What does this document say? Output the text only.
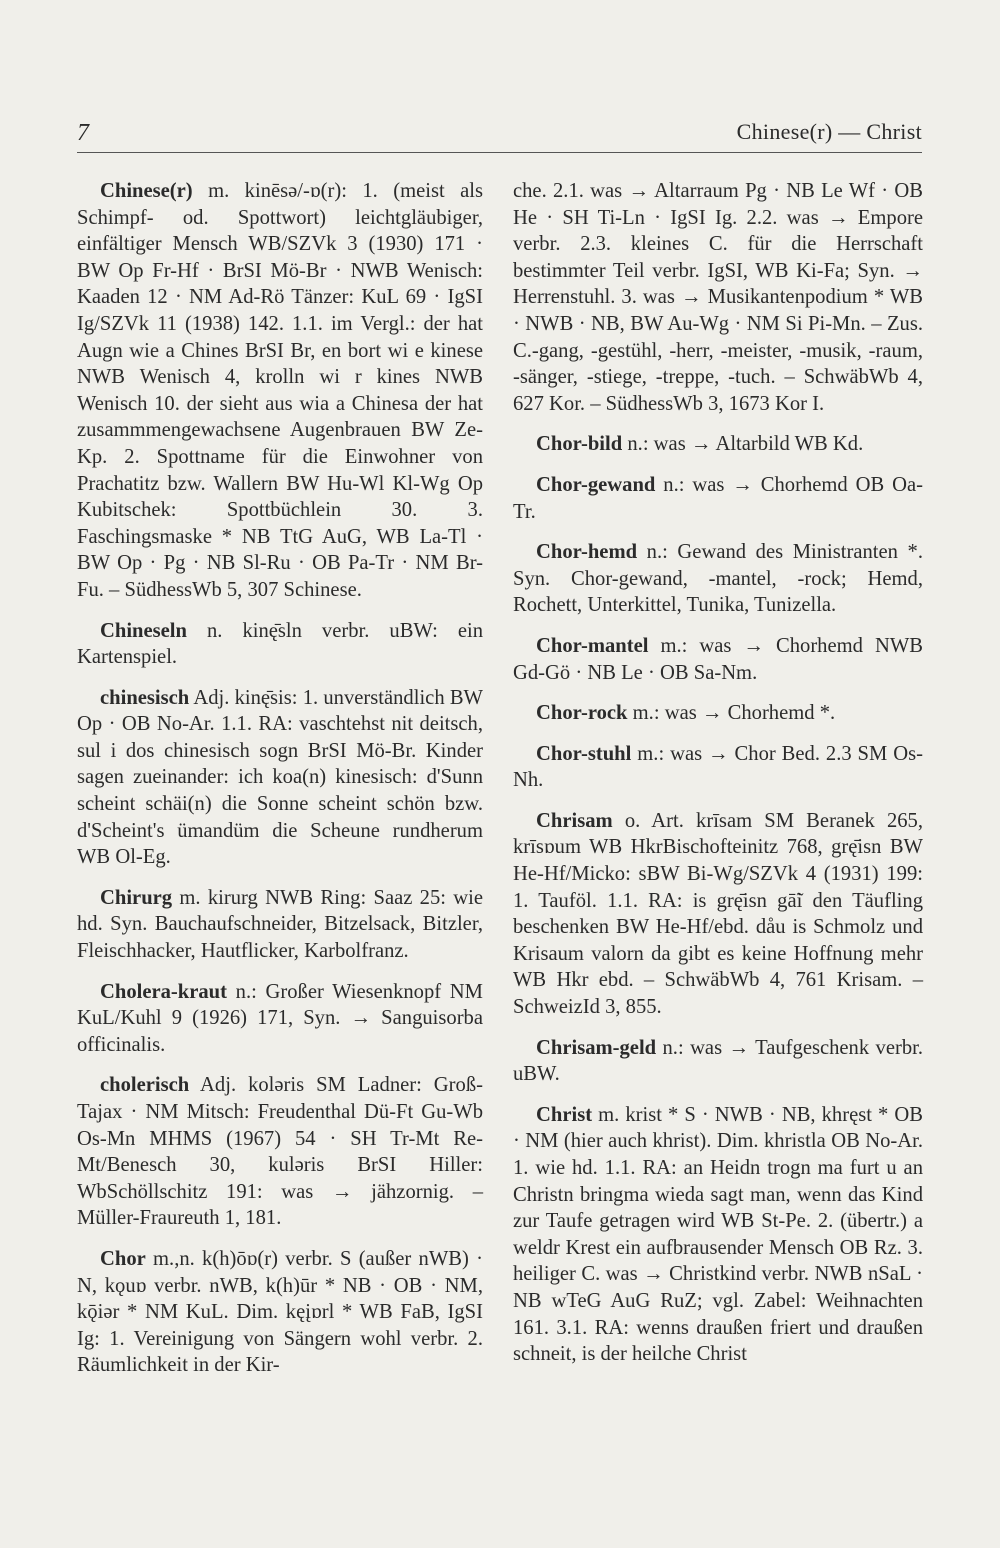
7	Chinese(r) — Christ

Chinese(r) m. kinēsə/-ɒ(r): 1. (meist als Schimpf- od. Spottwort) leichtgläubiger, einfältiger Mensch WB/SZVk 3 (1930) 171 · BW Op Fr-Hf · BrSI Mö-Br · NWB Wenisch: Kaaden 12 · NM Ad-Rö Tänzer: KuL 69 · IgSI Ig/SZVk 11 (1938) 142. 1.1. im Vergl.: der hat Augn wie a Chines BrSI Br, en bort wi e kinese NWB Wenisch 4, krolln wi r kines NWB Wenisch 10. der sieht aus wia a Chinesa der hat zusammmengewachsene Augenbrauen BW Ze-Kp. 2. Spottname für die Einwohner von Prachatitz bzw. Wallern BW Hu-Wl Kl-Wg Op Kubitschek: Spottbüchlein 30. 3. Faschingsmaske * NB TtG AuG, WB La-Tl · BW Op · Pg · NB Sl-Ru · OB Pa-Tr · NM Br-Fu. – SüdhessWb 5, 307 Schinese.

Chineseln n. kinę̄sln verbr. uBW: ein Kartenspiel.

chinesisch Adj. kinę̄sis: 1. unverständlich BW Op · OB No-Ar. 1.1. RA: vaschtehst nit deitsch, sul i dos chinesisch sogn BrSI Mö-Br. Kinder sagen zueinander: ich koa(n) kinesisch: d'Sunn scheint schäi(n) die Sonne scheint schön bzw. d'Scheint's ümandüm die Scheune rundherum WB Ol-Eg.

Chirurg m. kirurg NWB Ring: Saaz 25: wie hd. Syn. Bauchaufschneider, Bitzelsack, Bitzler, Fleischhacker, Hautflicker, Karbolfranz.

Cholera-kraut n.: Großer Wiesenknopf NM KuL/Kuhl 9 (1926) 171, Syn. → Sanguisorba officinalis.

cholerisch Adj. koləris SM Ladner: Groß-Tajax · NM Mitsch: Freudenthal Dü-Ft Gu-Wb Os-Mn MHMS (1967) 54 · SH Tr-Mt Re-Mt/Benesch 30, kuləris BrSI Hiller: WbSchöllschitz 191: was → jähzornig. – Müller-Fraureuth 1, 181.

Chor m.,n. k(h)ōɒ(r) verbr. S (außer nWB) · N, kǫuɒ verbr. nWB, k(h)ūr * NB · OB · NM, kǭiər * NM KuL. Dim. kęįɒrl * WB FaB, IgSI Ig: 1. Vereinigung von Sängern wohl verbr. 2. Räumlichkeit in der Kir-

che. 2.1. was → Altarraum Pg · NB Le Wf · OB He · SH Ti-Ln · IgSI Ig. 2.2. was → Empore verbr. 2.3. kleines C. für die Herrschaft bestimmter Teil verbr. IgSI, WB Ki-Fa; Syn. → Herrenstuhl. 3. was → Musikantenpodium * WB · NWB · NB, BW Au-Wg · NM Si Pi-Mn. – Zus. C.-gang, -gestühl, -herr, -meister, -musik, -raum, -sänger, -stiege, -treppe, -tuch. – SchwäbWb 4, 627 Kor. – SüdhessWb 3, 1673 Kor I.

Chor-bild n.: was → Altarbild WB Kd.

Chor-gewand n.: was → Chorhemd OB Oa-Tr.

Chor-hemd n.: Gewand des Ministranten *. Syn. Chor-gewand, -mantel, -rock; Hemd, Rochett, Unterkittel, Tunika, Tunizella.

Chor-mantel m.: was → Chorhemd NWB Gd-Gö · NB Le · OB Sa-Nm.

Chor-rock m.: was → Chorhemd *.

Chor-stuhl m.: was → Chor Bed. 2.3 SM Os-Nh.

Chrisam o. Art. krīsam SM Beranek 265, krīsɒum WB HkrBischofteinitz 768, grę̄isn BW He-Hf/Micko: sBW Bi-Wg/SZVk 4 (1931) 199: 1. Tauföl. 1.1. RA: is grę̄isn gā̃i den Täufling beschenken BW He-Hf/ebd. dåu is Schmolz und Krisaum valorn da gibt es keine Hoffnung mehr WB Hkr ebd. – SchwäbWb 4, 761 Krisam. – SchweizId 3, 855.

Chrisam-geld n.: was → Taufgeschenk verbr. uBW.

Christ m. krist * S · NWB · NB, khręst * OB · NM (hier auch khrist). Dim. khristla OB No-Ar. 1. wie hd. 1.1. RA: an Heidn trogn ma furt u an Christn bringma wieda sagt man, wenn das Kind zur Taufe getragen wird WB St-Pe. 2. (übertr.) a weldr Krest ein aufbrausender Mensch OB Rz. 3. heiliger C. was → Christkind verbr. NWB nSaL · NB wTeG AuG RuZ; vgl. Zabel: Weihnachten 161. 3.1. RA: wenns draußen friert und draußen schneit, is der heilche Christ
